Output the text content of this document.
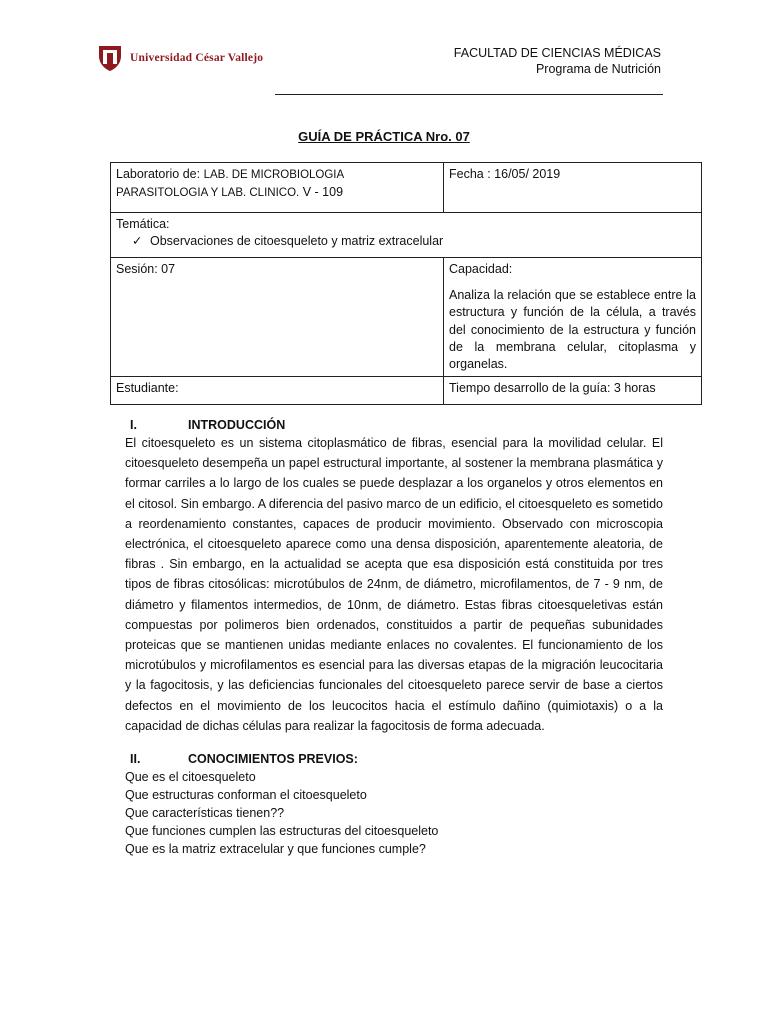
Universidad César Vallejo	FACULTAD DE CIENCIAS MÉDICAS
Programa de Nutrición
GUÍA DE PRÁCTICA Nro. 07
Laboratorio de: LAB. DE MICROBIOLOGIA
PARASITOLOGIA Y LAB. CLINICO. V - 109	Fecha : 16/05/ 2019

Temática:
✓ Observaciones de citoesqueleto y matriz extracelular	

Sesión: 07	Capacidad:
Analiza la relación que se establece entre la estructura y función de la célula, a través del conocimiento de la estructura y función de la membrana celular, citoplasma y organelas.

Estudiante:	Tiempo desarrollo de la guía: 3 horas
I.	INTRODUCCIÓN

El citoesqueleto es un sistema citoplasmático de fibras, esencial para la movilidad celular. El citoesqueleto desempeña un papel estructural importante, al sostener la membrana plasmática y formar carriles a lo largo de los cuales se puede desplazar a los organelos y otros elementos en el citosol. Sin embargo. A diferencia del pasivo marco de un edificio, el citoesqueleto es sometido a reordenamiento constantes, capaces de producir movimiento. Observado con microscopia electrónica, el citoesqueleto aparece como una densa disposición, aparentemente aleatoria, de fibras . Sin embargo, en la actualidad se acepta que esa disposición está constituida por tres tipos de fibras citosólicas: microtúbulos de 24nm, de diámetro, microfilamentos, de 7 - 9 nm, de diámetro y filamentos intermedios, de 10nm, de diámetro. Estas fibras citoesqueletivas están compuestas por polimeros bien ordenados, constituidos a partir de pequeñas subunidades proteicas que se mantienen unidas mediante enlaces no covalentes. El funcionamiento de los microtúbulos y microfilamentos es esencial para las diversas etapas de la migración leucocitaria y la fagocitosis, y las deficiencias funcionales del citoesqueleto parece servir de base a ciertos defectos en el movimiento de los leucocitos hacia el estímulo dañino (quimiotaxis) o a la capacidad de dichas células para realizar la fagocitosis de forma adecuada.

II.	CONOCIMIENTOS PREVIOS:
Que es el citoesqueleto
Que estructuras conforman el citoesqueleto
Que características tienen??
Que funciones cumplen las estructuras del citoesqueleto
Que es la matriz extracelular y que funciones cumple?
